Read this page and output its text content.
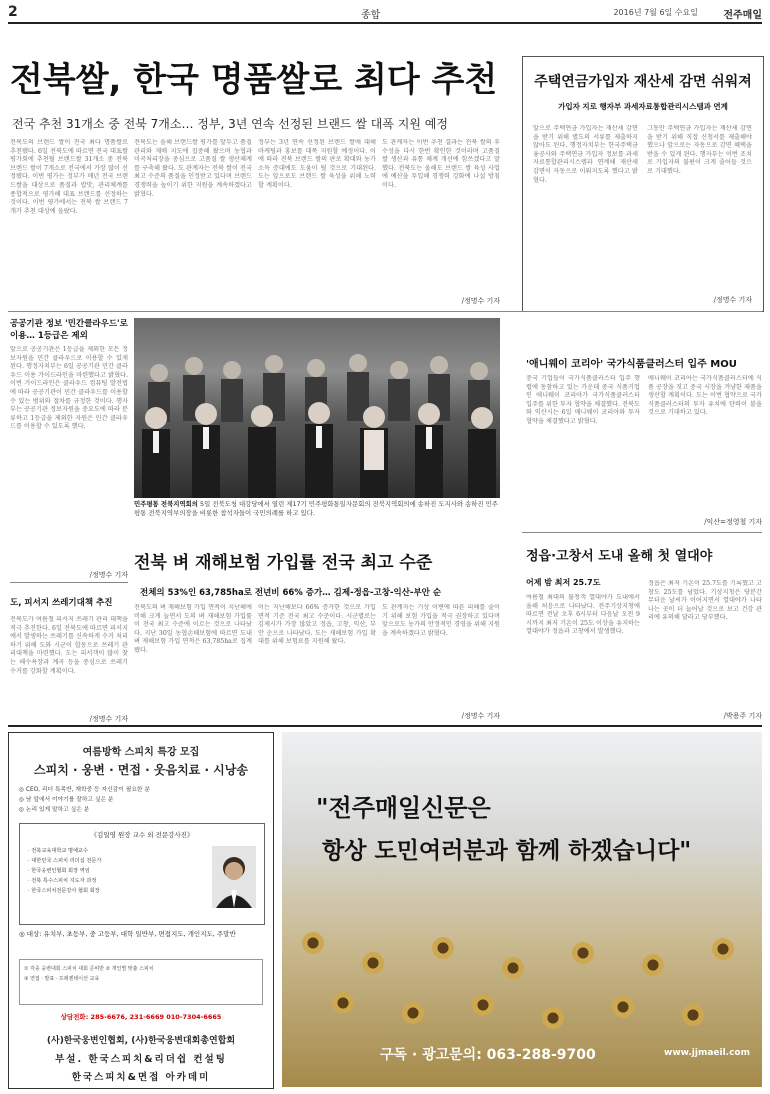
2	종합	2016년 7월 6일 수요일	전주매일
전북쌀, 한국 명품쌀로 최다 추천
전국 추천 31개소 중 전북 7개소… 정부, 3년 연속 선정된 브랜드 쌀 대폭 지원 예정
전북도의 브랜드 쌀이 전국 최다 명품쌀로 추천됐다. 6일 전북도에 따르면 전국 대표쌀 평가회에 추천될 브랜드쌀 31개소 중 전북 브랜드 쌀이 7개소로 전국에서 가장 많이 선정됐다. 이번 평가는 정부가 매년 전국 브랜드쌀을 대상으로 품질과 밥맛, 관리체계를 종합적으로 평가해 대표 브랜드를 선정하는 것이다. 이번 평가에서는 전북 쌀 브랜드 7개가 추천 대상에 올랐다.
전북도는 올해 브랜드쌀 평가를 앞두고 품질 관리와 재배 지도에 집중해 왔으며 농협과 미곡처리장을 중심으로 고품질 쌀 생산체계를 구축해 왔다. 도 관계자는 전북 쌀이 전국 최고 수준의 품질을 인정받고 있다며 브랜드 경쟁력을 높이기 위한 지원을 계속하겠다고 밝혔다.
정부는 3년 연속 선정된 브랜드 쌀에 대해 마케팅과 홍보를 대폭 지원할 예정이다. 이에 따라 전북 브랜드 쌀의 판로 확대와 농가 소득 증대에도 도움이 될 것으로 기대된다. 도는 앞으로도 브랜드 쌀 육성을 위해 노력할 계획이다.
도 관계자는 이번 추천 결과는 전북 쌀의 우수성을 다시 한번 확인한 것이라며 고품질 쌀 생산과 유통 체계 개선에 힘쓰겠다고 말했다. 전북도는 올해도 브랜드 쌀 육성 사업에 예산을 투입해 경쟁력 강화에 나설 방침이다.
/정명수 기자
주택연금가입자 재산세 감면 쉬워져
가입자 지로 행자부 과세자료통합관리시스템과 연계
앞으로 주택연금 가입자는 재산세 감면을 받기 위해 별도의 서류를 제출하지 않아도 된다. 행정자치부는 한국주택금융공사와 주택연금 가입자 정보를 과세자료통합관리시스템과 연계해 재산세 감면이 자동으로 이뤄지도록 했다고 밝혔다.
그동안 주택연금 가입자는 재산세 감면을 받기 위해 직접 신청서를 제출해야 했으나 앞으로는 자동으로 감면 혜택을 받을 수 있게 된다. 행자부는 이번 조치로 가입자의 불편이 크게 줄어들 것으로 기대했다.
/정명수 기자
공공기관 정보 '민간클라우드'로 이용… 1등급은 제외
앞으로 공공기관은 1등급을 제외한 모든 정보자원을 민간 클라우드로 이용할 수 있게 된다. 행정자치부는 6일 공공기관 민간 클라우드 이용 가이드라인을 마련했다고 밝혔다. 이번 가이드라인은 클라우드 컴퓨팅 발전법에 따라 공공기관이 민간 클라우드를 이용할 수 있는 범위와 절차를 규정한 것이다. 행자부는 공공기관 정보자원을 중요도에 따라 분류하고 1등급을 제외한 자원은 민간 클라우드를 이용할 수 있도록 했다.
/정명수 기자
도, 피서지 쓰레기대책 추진
전북도가 여름철 피서지 쓰레기 관리 대책을 적극 추진한다. 6일 전북도에 따르면 피서지에서 발생하는 쓰레기를 신속하게 수거 처리하기 위해 도와 시군이 합동으로 쓰레기 관리대책을 마련했다. 도는 피서객이 많이 찾는 해수욕장과 계곡 등을 중심으로 쓰레기 수거를 강화할 계획이다.
/정명수 기자
민주평통 전북지역회의 5일 전북도청 대강당에서 열린 제17기 민주평화통일자문회의 전북지역회의에 송하진 도지사와 송하진 민주평통 전북지역부의장을 비롯한 참석자들이 국민의례를 하고 있다.
전북 벼 재해보험 가입률 전국 최고 수준
전체의 53%인 63,785ha로 전년비 66% 증가… 김제-정읍-고창-익산-부안 순
전북도의 벼 재해보험 가입 면적이 지난해에 비해 크게 늘면서 도의 벼 재해보험 가입률이 전국 최고 수준에 이르는 것으로 나타났다. 지난 30일 농협손해보험에 따르면 도내 벼 재해보험 가입 면적은 63,785ha로 집계됐다.
이는 지난해보다 66% 증가한 것으로 가입 면적 기준 전국 최고 수준이다. 시군별로는 김제시가 가장 많았고 정읍, 고창, 익산, 부안 순으로 나타났다. 도는 재해보험 가입 확대를 위해 보험료를 지원해 왔다.
도 관계자는 기상 이변에 따른 피해를 줄이기 위해 보험 가입을 적극 권장하고 있다며 앞으로도 농가의 안정적인 경영을 위해 지원을 계속하겠다고 밝혔다.
/정명수 기자
'애니웨이 코리아' 국가식품클러스터 입주 MOU
중국 기업들이 국가식품클러스터 입주 행렬에 동참하고 있는 가운데 중국 식품기업인 애니웨이 코리아가 국가식품클러스터 입주를 위한 투자 협약을 체결했다. 전북도와 익산시는 6일 애니웨이 코리아와 투자 협약을 체결했다고 밝혔다.
애니웨이 코리아는 국가식품클러스터에 식품 공장을 짓고 중국 시장을 겨냥한 제품을 생산할 계획이다. 도는 이번 협약으로 국가식품클러스터의 투자 유치에 탄력이 붙을 것으로 기대하고 있다.
/익산=정영철 기자
정읍·고창서 도내 올해 첫 열대야
어제 밤 최저 25.7도
여름철 최대의 불청객 열대야가 도내에서 올해 처음으로 나타났다. 전주기상지청에 따르면 전날 오후 6시부터 다음날 오전 9시까지 최저 기온이 25도 이상을 유지하는 열대야가 정읍과 고창에서 발생했다.
정읍은 최저 기온이 25.7도를 기록했고 고창도 25도를 넘었다. 기상지청은 당분간 무더운 날씨가 이어지면서 열대야가 나타나는 곳이 더 늘어날 것으로 보고 건강 관리에 유의해 달라고 당부했다.
/박용주 기자
여름방학 스피치 특강 모집
스피치 · 웅변 · 면접 · 웃음치료 · 시낭송
◎ CEO, 리더 특목반, 재학중 등 자신감이 필요한 분
◎ 남 앞에서 이야기를 잘하고 싶은 분
◎ 논리 있게 말하고 싶은 분
《김일영 원장 교수 외 전문강사진》
· 전북교육대학교 명예교수
· 대한민국 스피치 리더십 전문가
· 한국웅변인협회 회장 역임
· 전북 특수스피치 지도자 과정
· 한국스피치전문강사 협회 회장
◎ 대상: 유치부, 초등부, 중 고등부, 대학 일반부, 면접지도, 개인지도, 주말반
① 각종 웅변대회 스피치 대회 준비반 ② 개인별 맞춤 스피치
③ 면접 · 발표 · 프레젠테이션 교육
상담전화: 285-6676, 231-6669 010-7304-6665
(사)한국웅변인협회, (사)한국웅변대회총연합회
부설. 한국스피치&리더쉽 컨설팅
한국스피치&면접 아카데미
"전주매일신문은
항상 도민여러분과 함께 하겠습니다"
구독 · 광고문의: 063-288-9700	www.jjmaeil.com
